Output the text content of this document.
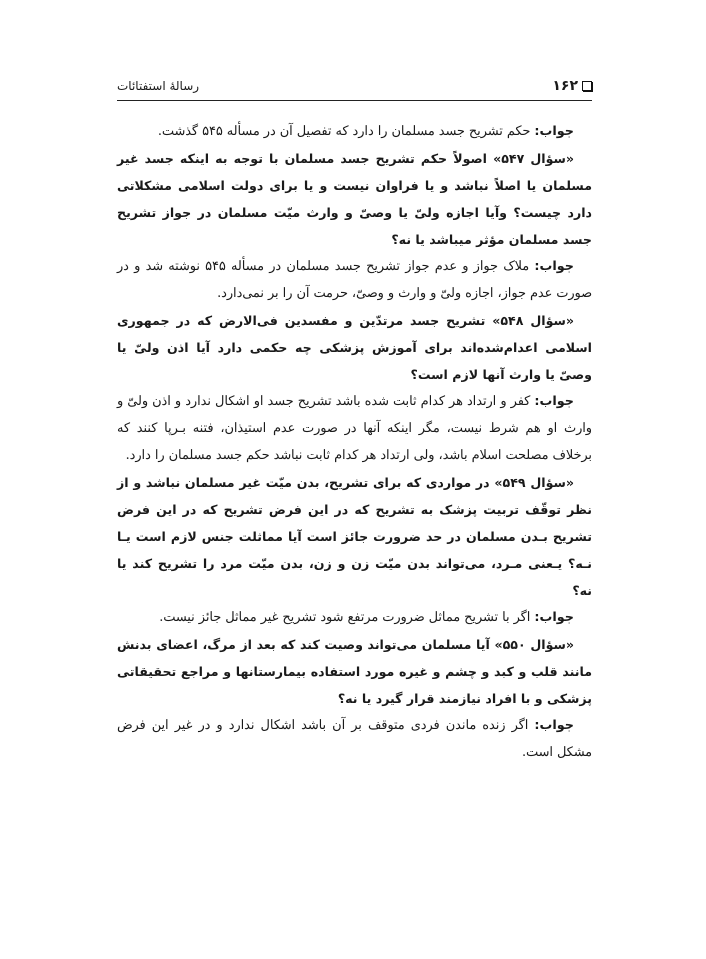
۱۶۲
رسالۀ استفتائات

جواب: حکم تشریح جسد مسلمان را دارد که تفصیل آن در مسأله ۵۴۵ گذشت.

«سؤال ۵۴۷» اصولاً حکم تشریح جسد مسلمان با توجه به اینکه جسد غیر مسلمان یا اصلاً نباشد و یا فراوان نیست و یا برای دولت اسلامی مشکلاتی دارد چیست؟ وآیا اجازه ولیّ یا وصیّ و وارث میّت مسلمان در جواز تشریح جسد مسلمان مؤثر میباشد یا نه؟

جواب: ملاک جواز و عدم جواز تشریح جسد مسلمان در مسأله ۵۴۵ نوشته شد و در صورت عدم جواز، اجازه ولیّ و وارث و وصیّ، حرمت آن را بر نمی‌دارد.

«سؤال ۵۴۸» تشریح جسد مرتدّین و مفسدین فی‌الارض که در جمهوری اسلامی اعدام‌شده‌اند برای آموزش پزشکی چه حکمی دارد آیا اذن ولیّ یا وصیّ یا وارث آنها لازم است؟

جواب: کفر و ارتداد هر کدام ثابت شده باشد تشریح جسد او اشکال ندارد و اذن ولیّ و وارث او هم شرط نیست، مگر اینکه آنها در صورت عدم استیذان، فتنه بـرپا کنند که برخلاف مصلحت اسلام باشد، ولی ارتداد هر کدام ثابت نباشد حکم جسد مسلمان را دارد.

«سؤال ۵۴۹» در مواردی که برای تشریح، بدن میّت غیر مسلمان نباشد و از نظر توقّف تربیت پزشک به تشریح که در این فرض تشریح که در این فرض تشریح بـدن مسلمان در حد ضرورت جائز است آیا مماثلت جنس لازم است یـا نـه؟ یـعنی مـرد، می‌تواند بدن میّت زن و زن، بدن میّت مرد را تشریح کند یا نه؟

جواب: اگر با تشریح مماثل ضرورت مرتفع شود تشریح غیر مماثل جائز نیست.

«سؤال ۵۵۰» آیا مسلمان می‌تواند وصیت کند که بعد از مرگ، اعضای بدنش مانند قلب و کبد و چشم و غیره مورد استفاده بیمارستانها و مراجع تحقیقاتی پزشکی و با افراد نیازمند قرار گیرد یا نه؟

جواب: اگر زنده ماندن فردی متوقف بر آن باشد اشکال ندارد و در غیر این فرض مشکل است.
